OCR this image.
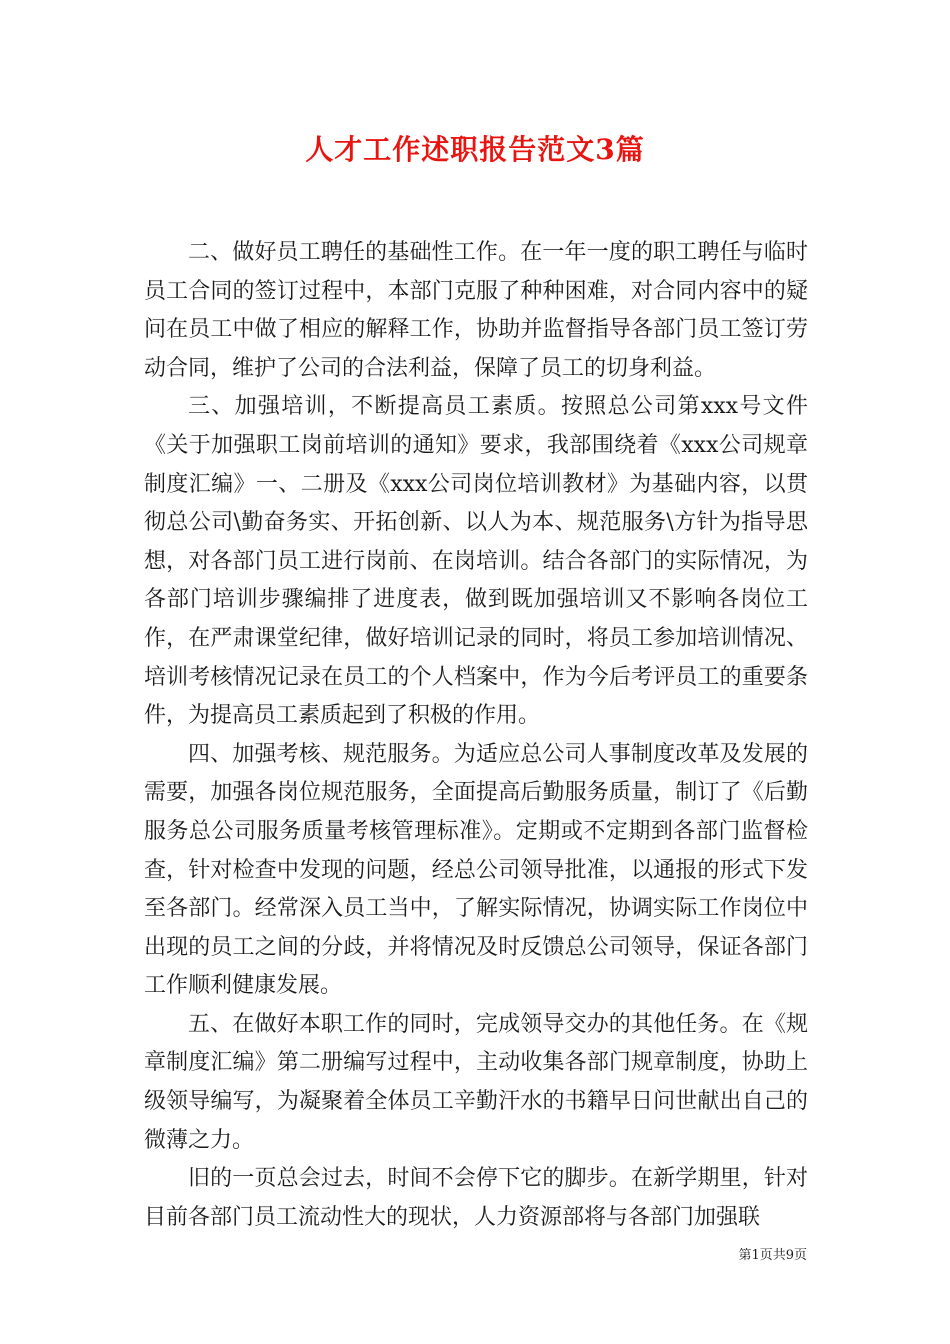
人才工作述职报告范文3篇

二、做好员工聘任的基础性工作。在一年一度的职工聘任与临时员工合同的签订过程中，本部门克服了种种困难，对合同内容中的疑问在员工中做了相应的解释工作，协助并监督指导各部门员工签订劳动合同，维护了公司的合法利益，保障了员工的切身利益。

三、加强培训，不断提高员工素质。按照总公司第xxx号文件《关于加强职工岗前培训的通知》要求，我部围绕着《xxx公司规章制度汇编》一、二册及《xxx公司岗位培训教材》为基础内容，以贯彻总公司\勤奋务实、开拓创新、以人为本、规范服务\方针为指导思想，对各部门员工进行岗前、在岗培训。结合各部门的实际情况，为各部门培训步骤编排了进度表，做到既加强培训又不影响各岗位工作，在严肃课堂纪律，做好培训记录的同时，将员工参加培训情况、培训考核情况记录在员工的个人档案中，作为今后考评员工的重要条件，为提高员工素质起到了积极的作用。

四、加强考核、规范服务。为适应总公司人事制度改革及发展的需要，加强各岗位规范服务，全面提高后勤服务质量，制订了《后勤服务总公司服务质量考核管理标准》。定期或不定期到各部门监督检查，针对检查中发现的问题，经总公司领导批准，以通报的形式下发至各部门。经常深入员工当中，了解实际情况，协调实际工作岗位中出现的员工之间的分歧，并将情况及时反馈总公司领导，保证各部门工作顺利健康发展。

五、在做好本职工作的同时，完成领导交办的其他任务。在《规章制度汇编》第二册编写过程中，主动收集各部门规章制度，协助上级领导编写，为凝聚着全体员工辛勤汗水的书籍早日问世献出自己的微薄之力。

旧的一页总会过去，时间不会停下它的脚步。在新学期里，针对目前各部门员工流动性大的现状，人力资源部将与各部门加强联

第1页共9页
